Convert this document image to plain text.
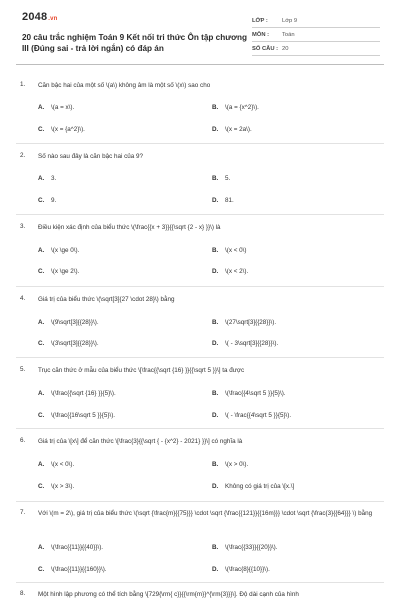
2048.vn
20 câu trắc nghiệm Toán 9 Kết nối tri thức Ôn tập chương III (Đúng sai - trả lời ngắn) có đáp án
LỚP :	Lớp 9
MÔN :	Toán
SỐ CÂU : 20
1. Căn bậc hai của một số \(a\) không âm là một số \(x\) sao cho
A. \(a = x\).	B. \(a = {x^2}\).
C. \(x = {a^2}\).	D. \(x = 2a\).
2. Số nào sau đây là căn bậc hai của 9?
A. 3.	B. 5.
C. 9.	D. 81.
3. Điều kiện xác định của biểu thức \(\frac{{x + 3}}{{\sqrt {2 - x} }}\) là
A. \(x \ge 0\).	B. \(x < 0\)
C. \(x \ge 2\).	D. \(x < 2\).
4. Giá trị của biểu thức \(\sqrt[3]{27 \cdot 28}\) bằng
A. \(9\sqrt[3]{{28}}\).	B. \(27\sqrt[3]{{28}}\).
C. \(3\sqrt[3]{{28}}\).	D. \( - 3\sqrt[3]{{28}}\).
5. Trục căn thức ở mẫu của biểu thức \[\frac{{\sqrt {16} }}{{\sqrt 5 }}\] ta được
A. \(\frac{{\sqrt {16} }}{5}\).	B. \(\frac{{4\sqrt 5 }}{5}\).
C. \(\frac{{16\sqrt 5 }}{5}\).	D. \( - \frac{{4\sqrt 5 }}{5}\).
6. Giá trị của \[x\] để căn thức \[\frac{3}{{\sqrt { - {x^2} - 2021} }}\] có nghĩa là
A. \(x < 0\).	B. \(x > 0\).
C. \(x > 3\).	D. Không có giá trị của \[x.\]
7. Với \(m = 2\), giá trị của biểu thức \(\sqrt {\frac{m}{{75}}} \cdot \sqrt {\frac{{121}}{{16m}}} \cdot \sqrt {\frac{3}{{64}}} \) bằng
A. \(\frac{{11}}{{40}}\).	B. \(\frac{{33}}{{20}}\).
C. \(\frac{{11}}{{160}}\).	D. \(\frac{8}{{10}}\).
8. Một hình lập phương có thể tích bằng \[729{\rm{ c}}{{\rm{m}}^{\rm{3}}}\]. Độ dài cạnh của hình
